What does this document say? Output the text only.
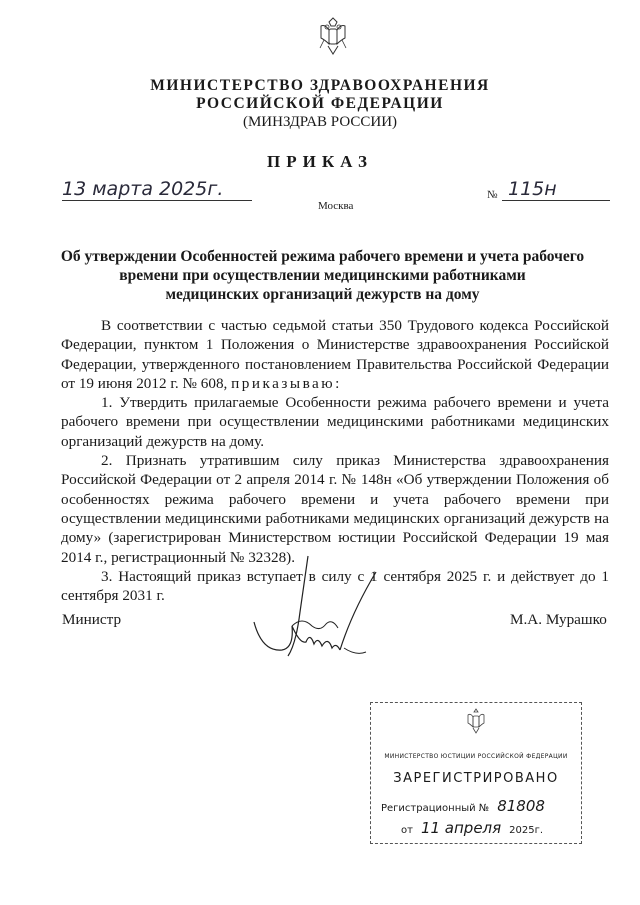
МИНИСТЕРСТВО ЗДРАВООХРАНЕНИЯ
РОССИЙСКОЙ ФЕДЕРАЦИИ
(МИНЗДРАВ РОССИИ)
ПРИКАЗ
13 марта 2025г.
Москва
№ 115н
Об утверждении Особенностей режима рабочего времени и учета рабочего
времени при осуществлении медицинскими работниками
медицинских организаций дежурств на дому

В соответствии с частью седьмой статьи 350 Трудового кодекса Российской Федерации, пунктом 1 Положения о Министерстве здравоохранения Российской Федерации, утвержденного постановлением Правительства Российской Федерации от 19 июня 2012 г. № 608, приказываю:

1. Утвердить прилагаемые Особенности режима рабочего времени и учета рабочего времени при осуществлении медицинскими работниками медицинских организаций дежурств на дому.

2. Признать утратившим силу приказ Министерства здравоохранения Российской Федерации от 2 апреля 2014 г. № 148н «Об утверждении Положения об особенностях режима рабочего времени и учета рабочего времени при осуществлении медицинскими работниками медицинских организаций дежурств на дому» (зарегистрирован Министерством юстиции Российской Федерации 19 мая 2014 г., регистрационный № 32328).

3. Настоящий приказ вступает в силу с 1 сентября 2025 г. и действует до 1 сентября 2031 г.

Министр	М.А. Мурашко
МИНИСТЕРСТВО ЮСТИЦИИ РОССИЙСКОЙ ФЕДЕРАЦИИ
ЗАРЕГИСТРИРОВАНО
Регистрационный № 81808
от 11 апреля 2025г.
